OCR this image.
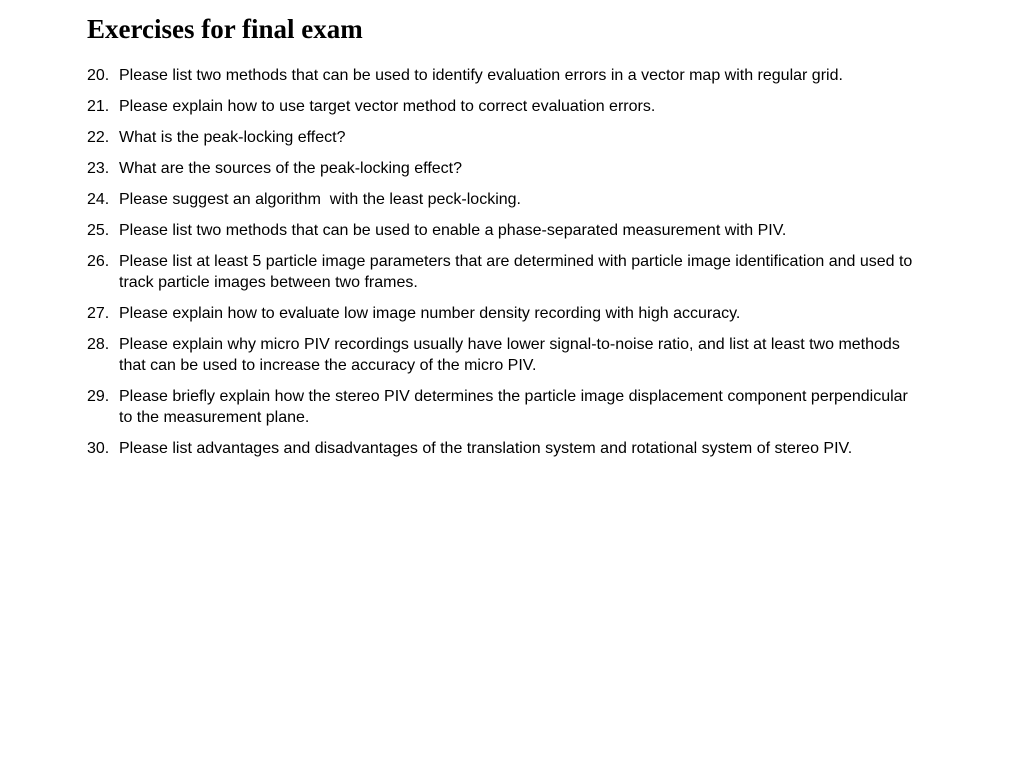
Exercises for final exam
20. Please list two methods that can be used to identify evaluation errors in a vector map with regular grid.
21. Please explain how to use target vector method to correct evaluation errors.
22. What is the peak-locking effect?
23. What are the sources of the peak-locking effect?
24. Please suggest an algorithm  with the least peck-locking.
25. Please list two methods that can be used to enable a phase-separated measurement with PIV.
26. Please list at least 5 particle image parameters that are determined with particle image identification and used to track particle images between two frames.
27. Please explain how to evaluate low image number density recording with high accuracy.
28. Please explain why micro PIV recordings usually have lower signal-to-noise ratio, and list at least two methods that can be used to increase the accuracy of the micro PIV.
29. Please briefly explain how the stereo PIV determines the particle image displacement component perpendicular  to the measurement plane.
30. Please list advantages and disadvantages of the translation system and rotational system of stereo PIV.
